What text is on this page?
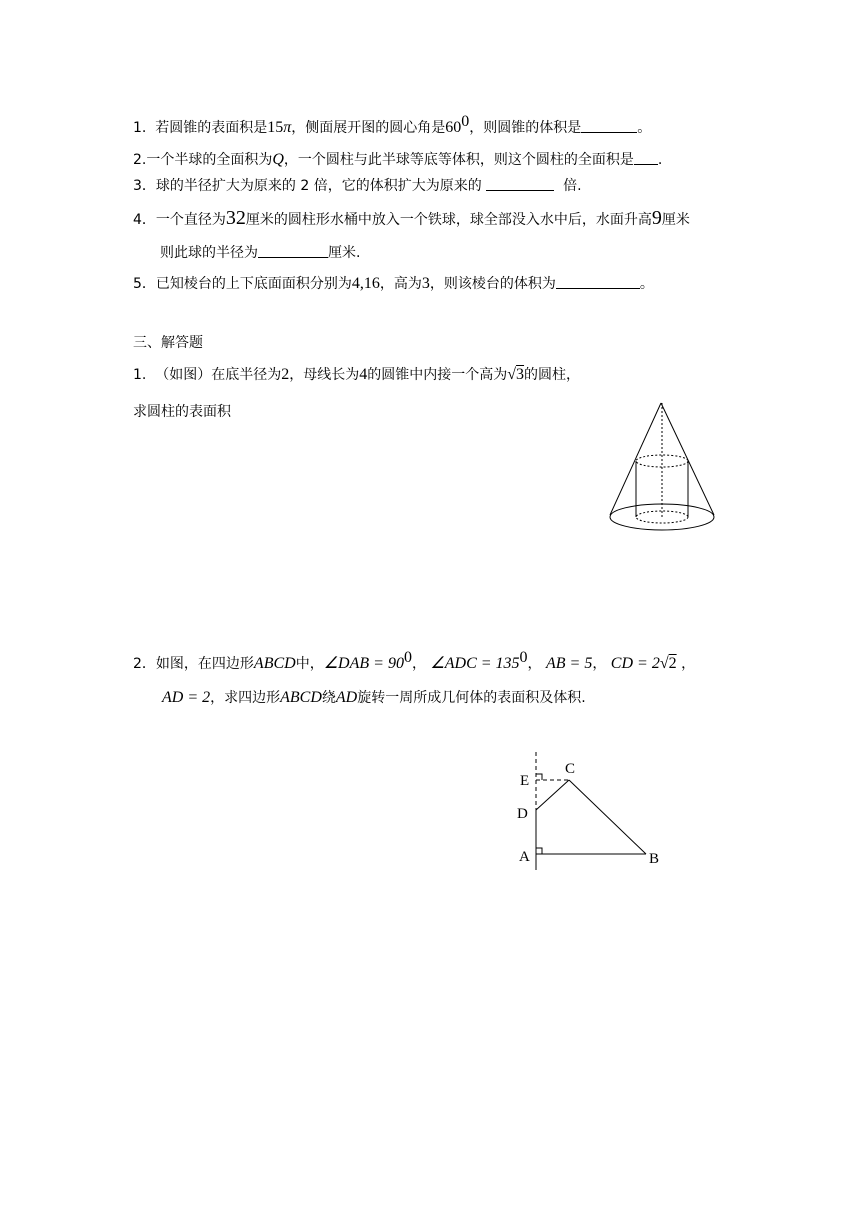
1. 若圆锥的表面积是15π，侧面展开图的圆心角是$60^0$，则圆锥的体积是	。
2.一个半球的全面积为Q，一个圆柱与此半球等底等体积，则这个圆柱的全面积是 .
3．球的半径扩大为原来的 2 倍，它的体积扩大为原来的	倍.
4．一个直径为32厘米的圆柱形水桶中放入一个铁球，球全部没入水中后，水面升高9厘米
则此球的半径为	厘米.
5．已知棱台的上下底面面积分别为4,16，高为3，则该棱台的体积为	。
三、解答题
1. （如图）在底半径为2，母线长为4的圆锥中内接一个高为√3的圆柱，
求圆柱的表面积
2．如图，在四边形ABCD中，∠DAB = $90^0$， ∠ADC = $135^0$， AB = 5， CD = 2√2 ，
AD = 2，求四边形ABCD绕AD旋转一周所成几何体的表面积及体积.
E
C
D
A	B
